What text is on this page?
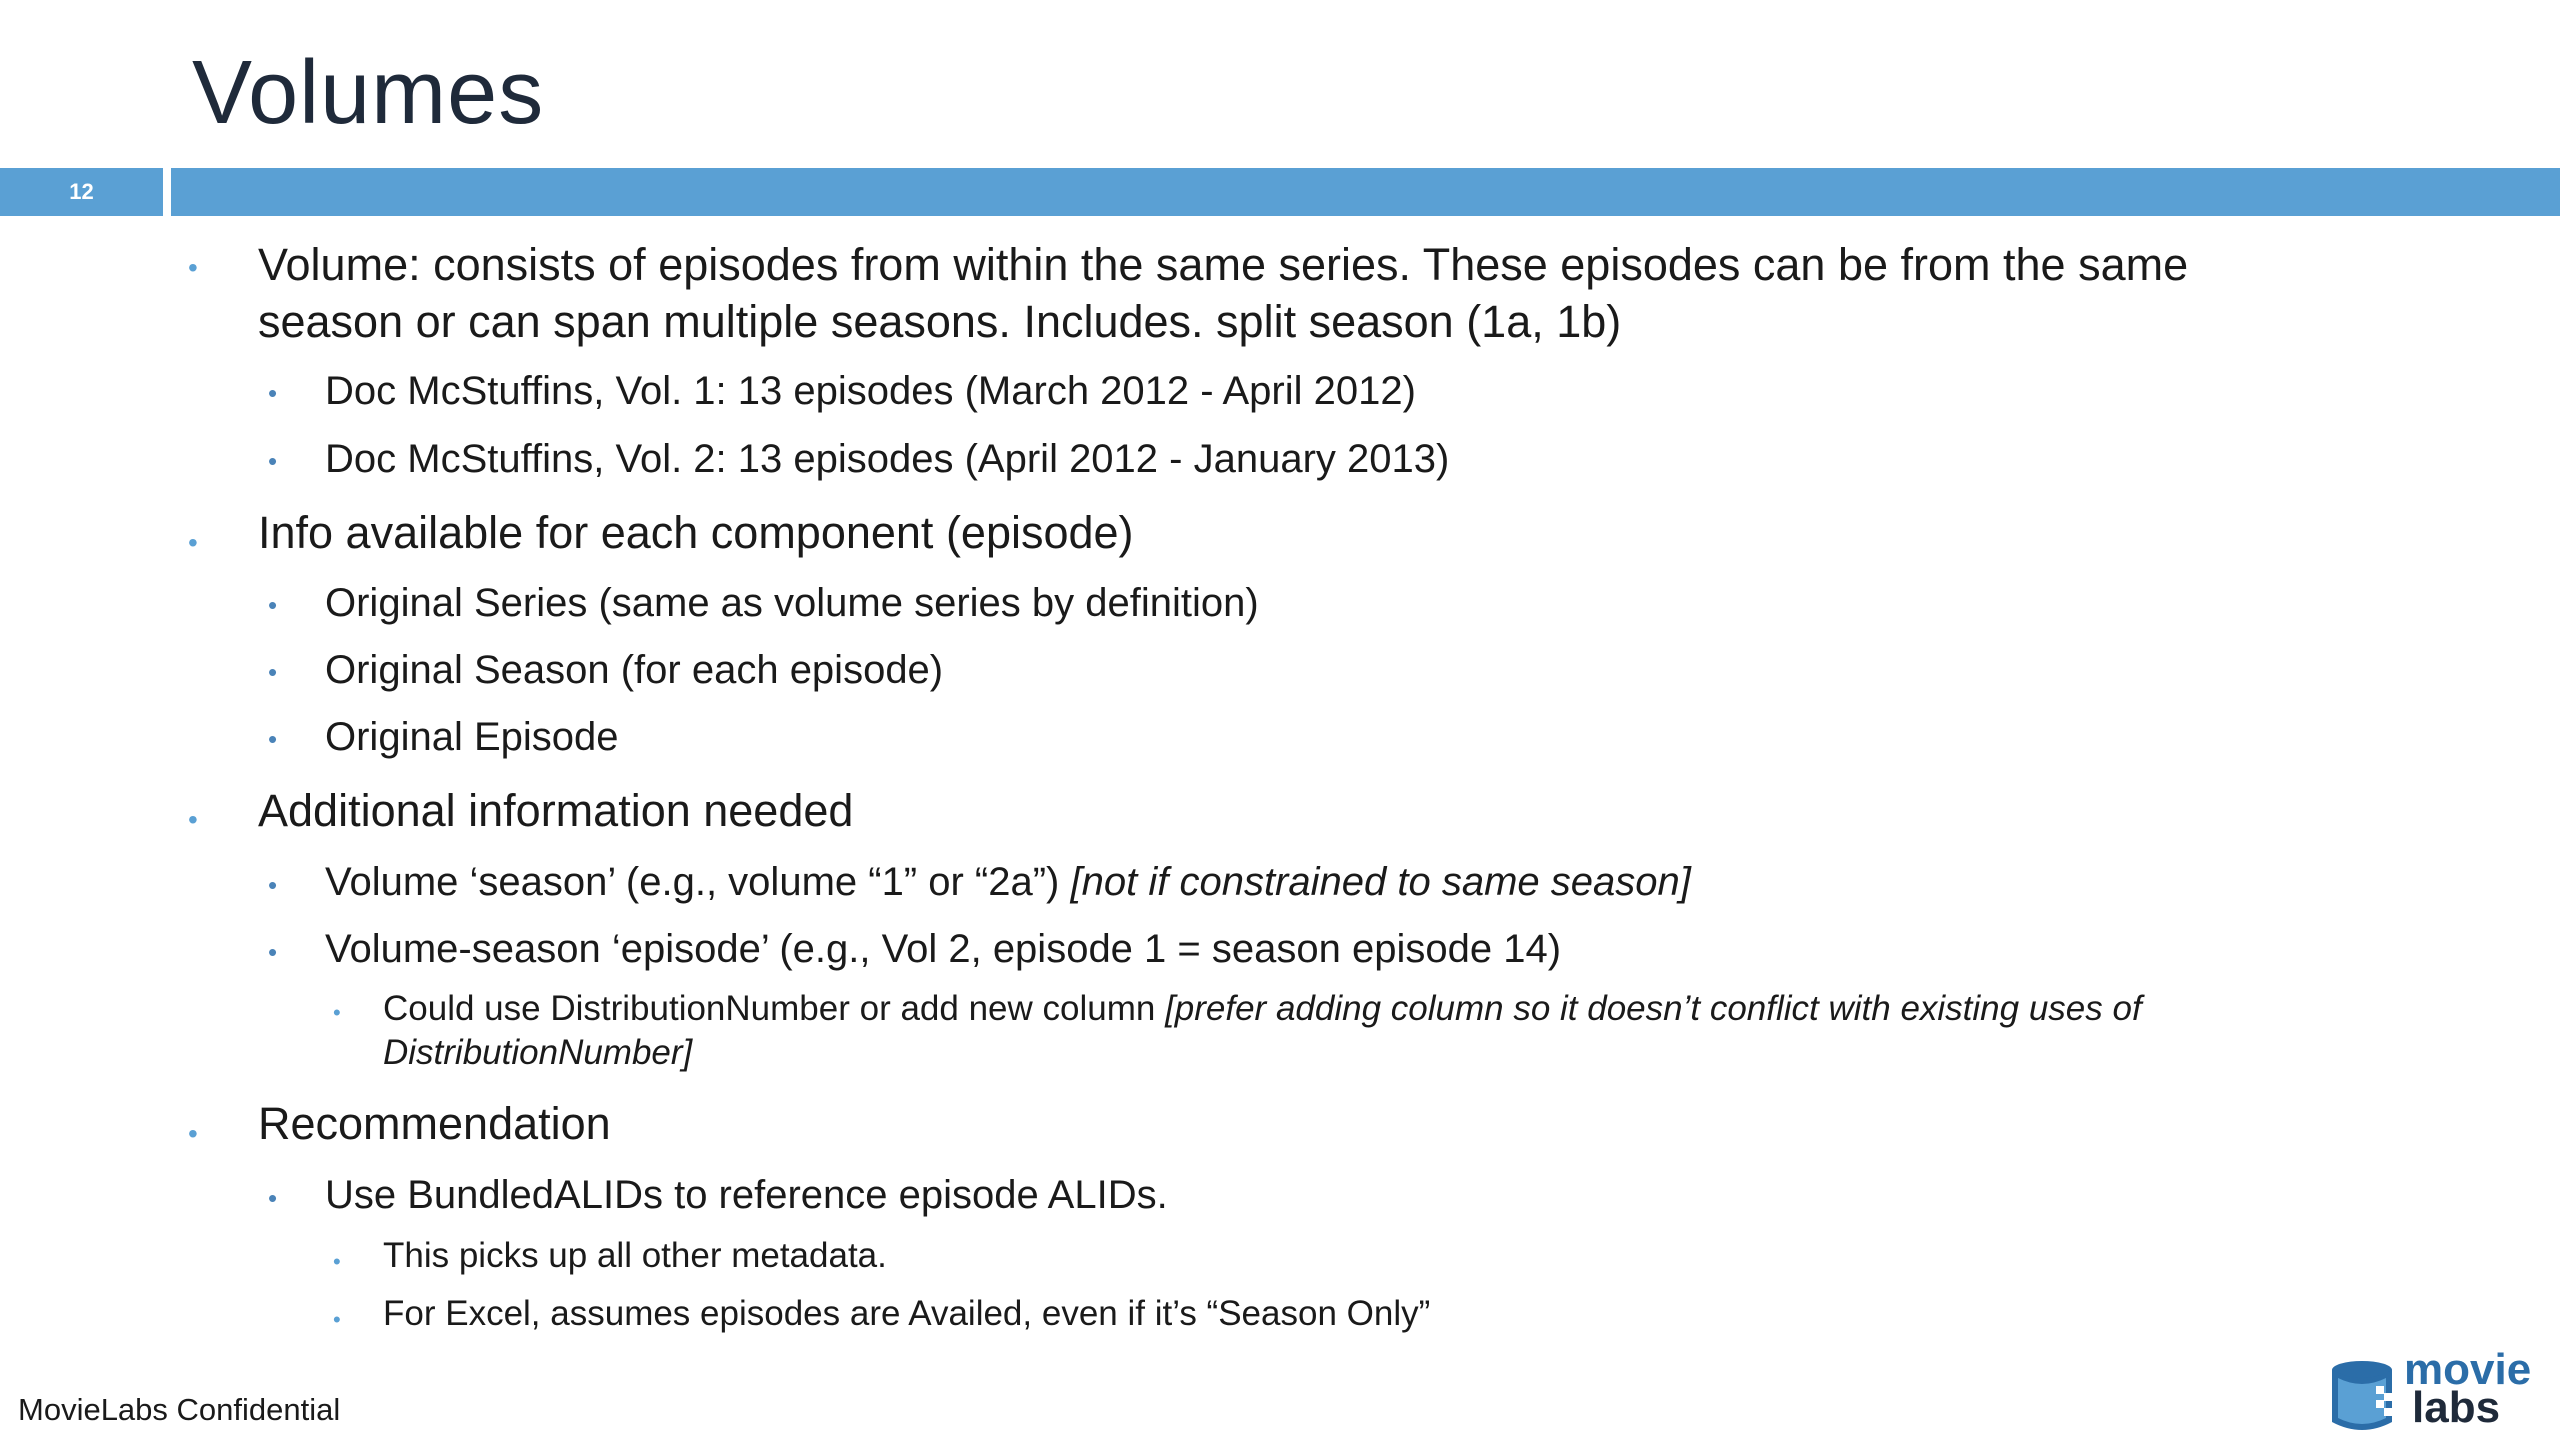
Volumes
12
• Volume: consists of episodes from within the same series. These episodes can be from the same
season or can span multiple seasons. Includes. split season (1a, 1b)
• Doc McStuffins, Vol. 1: 13 episodes (March 2012 - April 2012)
• Doc McStuffins, Vol. 2: 13 episodes (April 2012 - January 2013)
• Info available for each component (episode)
• Original Series (same as volume series by definition)
• Original Season (for each episode)
• Original Episode
• Additional information needed
• Volume ‘season’ (e.g., volume “1” or “2a”) [not if constrained to same season]
• Volume-season ‘episode’ (e.g., Vol 2, episode 1 = season episode 14)
• Could use DistributionNumber or add new column [prefer adding column so it doesn’t conflict with existing uses of
DistributionNumber]
• Recommendation
• Use BundledALIDs to reference episode ALIDs.
• This picks up all other metadata.
• For Excel, assumes episodes are Availed, even if it’s “Season Only”
MovieLabs Confidential
movie
labs
